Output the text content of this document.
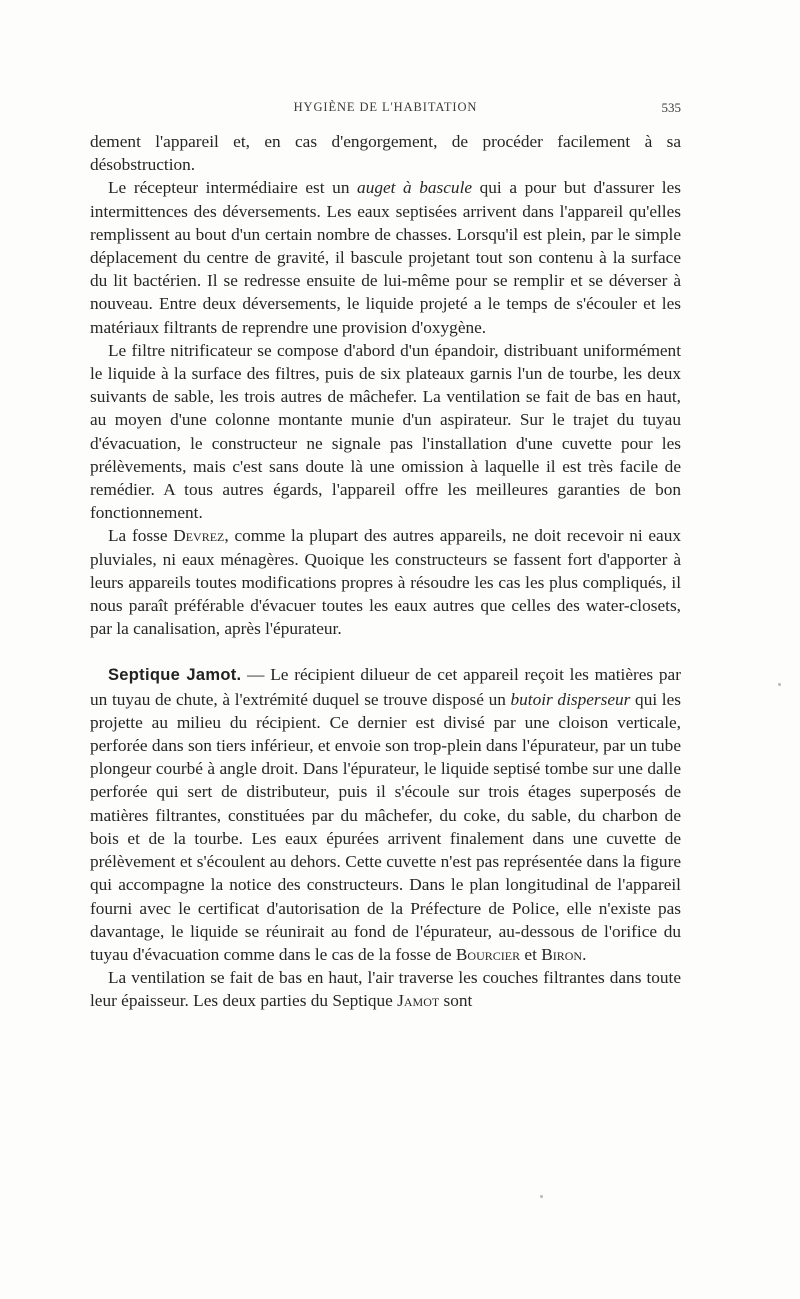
HYGIÈNE DE L'HABITATION	535

dement l'appareil et, en cas d'engorgement, de procéder facilement à sa désobstruction.

Le récepteur intermédiaire est un auget à bascule qui a pour but d'assurer les intermittences des déversements. Les eaux septisées arrivent dans l'appareil qu'elles remplissent au bout d'un certain nombre de chasses. Lorsqu'il est plein, par le simple déplacement du centre de gravité, il bascule projetant tout son contenu à la surface du lit bactérien. Il se redresse ensuite de lui-même pour se remplir et se déverser à nouveau. Entre deux déversements, le liquide projeté a le temps de s'écouler et les matériaux filtrants de reprendre une provision d'oxygène.

Le filtre nitrificateur se compose d'abord d'un épandoir, distribuant uniformément le liquide à la surface des filtres, puis de six plateaux garnis l'un de tourbe, les deux suivants de sable, les trois autres de mâchefer. La ventilation se fait de bas en haut, au moyen d'une colonne montante munie d'un aspirateur. Sur le trajet du tuyau d'évacuation, le constructeur ne signale pas l'installation d'une cuvette pour les prélèvements, mais c'est sans doute là une omission à laquelle il est très facile de remédier. A tous autres égards, l'appareil offre les meilleures garanties de bon fonctionnement.

La fosse Devrez, comme la plupart des autres appareils, ne doit recevoir ni eaux pluviales, ni eaux ménagères. Quoique les constructeurs se fassent fort d'apporter à leurs appareils toutes modifications propres à résoudre les cas les plus compliqués, il nous paraît préférable d'évacuer toutes les eaux autres que celles des water-closets, par la canalisation, après l'épurateur.

Septique Jamot. — Le récipient dilueur de cet appareil reçoit les matières par un tuyau de chute, à l'extrémité duquel se trouve disposé un butoir disperseur qui les projette au milieu du récipient. Ce dernier est divisé par une cloison verticale, perforée dans son tiers inférieur, et envoie son trop-plein dans l'épurateur, par un tube plongeur courbé à angle droit. Dans l'épurateur, le liquide septisé tombe sur une dalle perforée qui sert de distributeur, puis il s'écoule sur trois étages superposés de matières filtrantes, constituées par du mâchefer, du coke, du sable, du charbon de bois et de la tourbe. Les eaux épurées arrivent finalement dans une cuvette de prélèvement et s'écoulent au dehors. Cette cuvette n'est pas représentée dans la figure qui accompagne la notice des constructeurs. Dans le plan longitudinal de l'appareil fourni avec le certificat d'autorisation de la Préfecture de Police, elle n'existe pas davantage, le liquide se réunirait au fond de l'épurateur, au-dessous de l'orifice du tuyau d'évacuation comme dans le cas de la fosse de Bourcier et Biron.

La ventilation se fait de bas en haut, l'air traverse les couches filtrantes dans toute leur épaisseur. Les deux parties du Septique Jamot sont
